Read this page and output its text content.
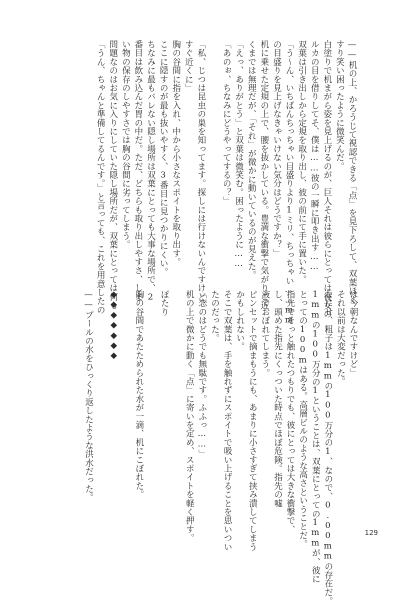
——机の上、かろうじて視認できる「点」を見下ろして、双葉ほく

すり笑い困ったように微笑んだ。

白塗りで机まがら姿を見上げるのが、巨人それは彼らにとっては彼女の

ルカの目を借りしてそ、僕は……彼の一瞬に叩き出す……

双葉は引き出しから定規を取り出し、彼の前にて手に置いた。

「う〜ん、いちばんちっちゃい目盛りより1ミリ、ちっちゃい……mm

の目盛りを見上げなきゃいけない気分はどうですか？」

机に乗せた定規の上で、腰を抜かしている。豊満な衝撃で気がりこ近

くまでは無理だが、「それ」が微かに動いているのが見えた。

「えっ、ありがとう」と双葉は微笑む。困ったように……

「あのぉ、ちなみにどうやってするの？」

「私、じつは昆虫の巣を知ってます。探しには行けないんですけど、

すぐ近くに」

胸の谷間に指を入れ、中から小さなスポイトを取り出す。

ここに隠すのが最も抜いやすく、3番目に見つかりにくい。

ちなみに最もバレない隠し場所は双葉にとっても大事な場所で、2

番目は飲み込んだ胃の中だ。ただ、どちらも取り出しやすさ、しま

い物の保存のしやすさでは胸の谷間に劣ってしまう。

問題なのはお気に入りにしていた隠し場所だが、双葉にとっては何も

「うん、ちゃんと準備してるんです。」と言っても、これを用意したの

は今朝なんですけど」

それ以前は大変だった。

なにせ、粗子は1mmの100万分の1、なので、0.00mmの存在だ。

1mmの100万分の1ということは、双葉にとっての1mmが、彼に

とっての100mはある。高層ビルのような高さということだ。

指先でそっと触れたつもりでも、彼にとっては大きな衝撃で、

し、頭めた指先にくっついた時点でほぼ危険。指先の嘘

液でおぼれてしまう。

ピンセットで摘まもうにも、あまりに小さすぎて挟み潰してしまう

かもしれない。

そこで双葉は、手を触れずにスポイトで吸い上げることを思いつい

たのだった。

「恋のはどうでも無駄です。ふふっ……」

机の上で微かに動く「点」に寄いを定め、スポイトを軽く押す。

ぽたり

胸の谷間であたためられた水が一滴、机にこぼれた。

◆◆◆◆◆◆◆

——プールの水をひっくり返したような洪水だった。

129
